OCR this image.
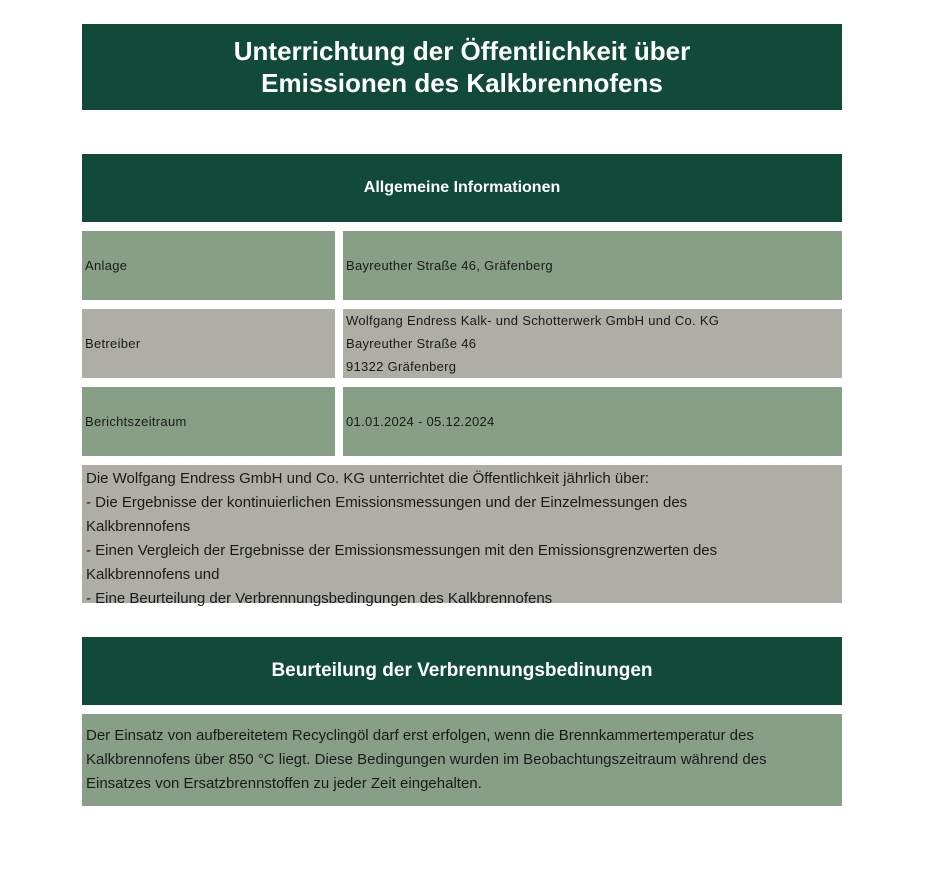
Unterrichtung der Öffentlichkeit über
Emissionen des Kalkbrennofens
Allgemeine Informationen
Anlage	Bayreuther Straße 46, Gräfenberg
Betreiber
Wolfgang Endress Kalk- und Schotterwerk GmbH und Co. KG
Bayreuther Straße 46
91322 Gräfenberg
Berichtszeitraum	01.01.2024 - 05.12.2024
Die Wolfgang Endress GmbH und Co. KG unterrichtet die Öffentlichkeit jährlich über:
- Die Ergebnisse der kontinuierlichen Emissionsmessungen und der Einzelmessungen des
Kalkbrennofens
- Einen Vergleich der Ergebnisse der Emissionsmessungen mit den Emissionsgrenzwerten des
Kalkbrennofens und
- Eine Beurteilung der Verbrennungsbedingungen des Kalkbrennofens
Beurteilung der Verbrennungsbedinungen
Der Einsatz von aufbereitetem Recyclingöl darf erst erfolgen, wenn die Brennkammertemperatur des
Kalkbrennofens über 850 °C liegt. Diese Bedingungen wurden im Beobachtungszeitraum während des
Einsatzes von Ersatzbrennstoffen zu jeder Zeit eingehalten.
